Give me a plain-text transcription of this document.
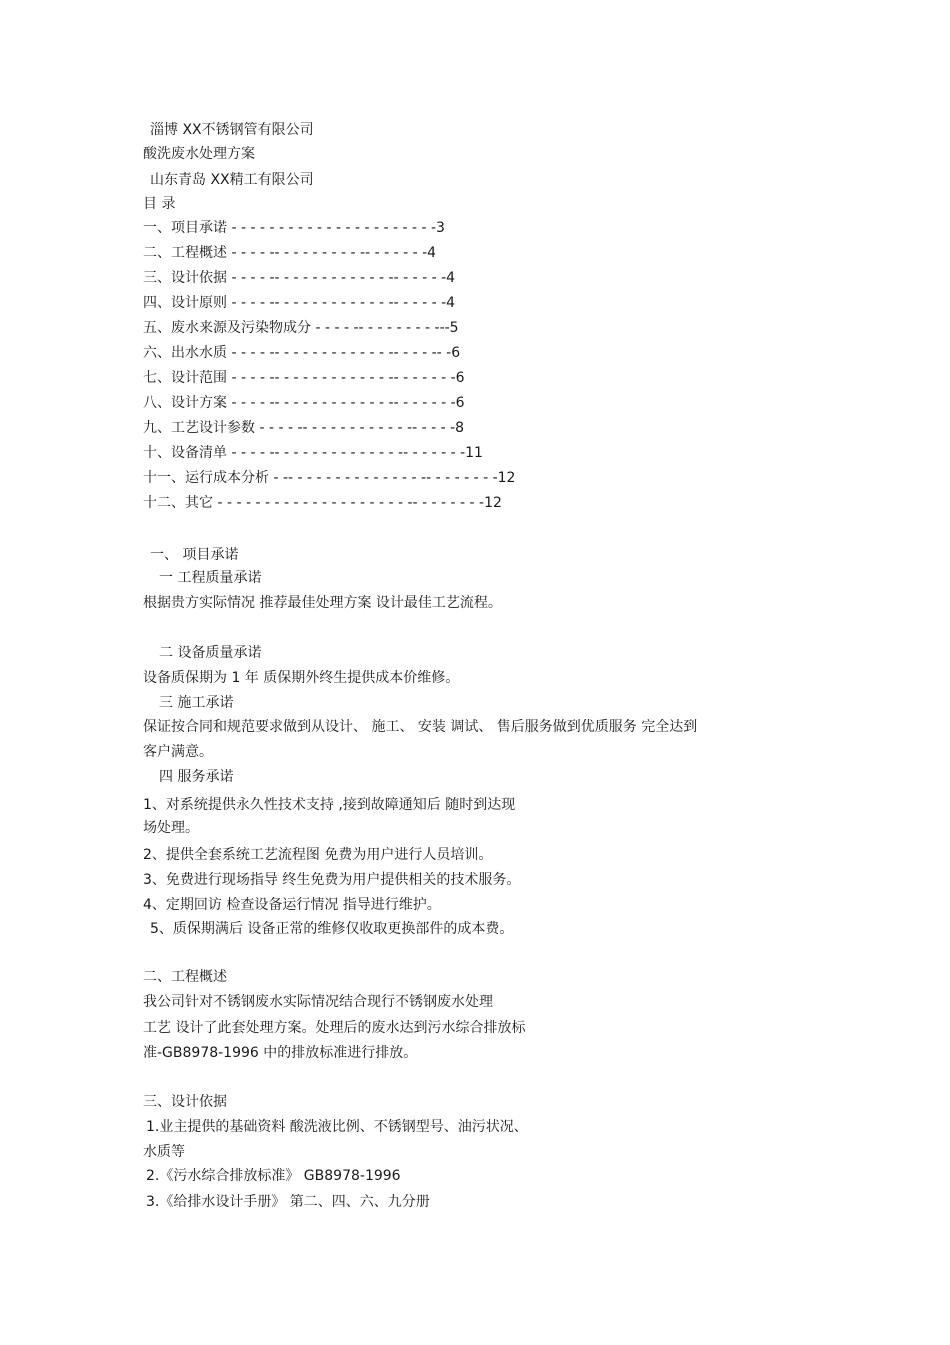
淄博 XX不锈钢管有限公司
酸洗废水处理方案
山东青岛 XX精工有限公司
目 录
一、项目承诺 - - - - - - - - - - - - - - - - - - - - - -3
二、工程概述 - - - - -- - - - - - - - - -- - - - - - -4
三、设计依据 - - - - -- - - - - - - - - - - - -- - - - - -4
四、设计原则 - - - - -- - - - - - - - - - - - -- - - - - -4
五、废水来源及污染物成分 - - - - -- - - - - - - - ---5
六、出水水质 - - - - -- - - - - - - - - - - - -- - - - -- -6
七、设计范围 - - - - -- - - - - - - - - - - - -- - - - - - -6
八、设计方案 - - - - -- - - - - - - - - - - - -- - - - - - -6
九、工艺设计参数 - - - - -- - - - - - - - - - - -- - - - -8
十、设备清单 - - - - -- - - - - - - - - - - - - -- - - - - - -11
十一、运行成本分析 - -- - - - - - - - - - - - - - -- - - - - - - -12
十二、其它 - - - - - - - - - - - - - - - - - - - - -- - - - - - - -12
一、 项目承诺
一 工程质量承诺
根据贵方实际情况 推荐最佳处理方案 设计最佳工艺流程。
二 设备质量承诺
设备质保期为 1 年 质保期外终生提供成本价维修。
三 施工承诺
保证按合同和规范要求做到从设计、 施工、 安装 调试、 售后服务做到优质服务 完全达到
客户满意。
四 服务承诺
1、对系统提供永久性技术支持 ,接到故障通知后 随时到达现
场处理。
2、提供全套系统工艺流程图 免费为用户进行人员培训。
3、免费进行现场指导 终生免费为用户提供相关的技术服务。
4、定期回访 检查设备运行情况 指导进行维护。
5、质保期满后 设备正常的维修仅收取更换部件的成本费。
二、工程概述
我公司针对不锈钢废水实际情况结合现行不锈钢废水处理
工艺 设计了此套处理方案。处理后的废水达到污水综合排放标
准-GB8978-1996 中的排放标准进行排放。
三、设计依据
1.业主提供的基础资料 酸洗液比例、不锈钢型号、油污状况、
水质等
2.《污水综合排放标准》 GB8978-1996
3.《给排水设计手册》 第二、四、六、九分册
